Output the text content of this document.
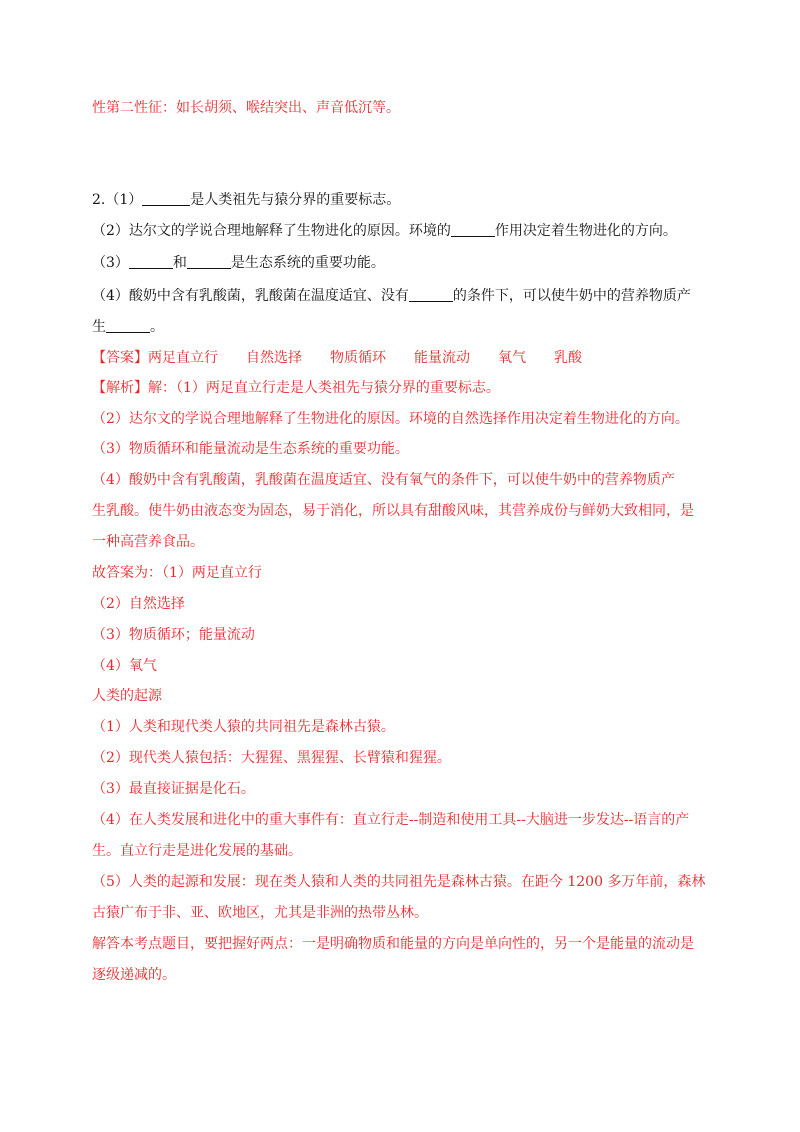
性第二性征：如长胡须、喉结突出、声音低沉等。
2.（1）	是人类祖先与猿分界的重要标志。
（2）达尔文的学说合理地解释了生物进化的原因。环境的	作用决定着生物进化的方向。
（3）	和	是生态系统的重要功能。
（4）酸奶中含有乳酸菌，乳酸菌在温度适宜、没有	的条件下，可以使牛奶中的营养物质产
生	。
【答案】两足直立行 自然选择 物质循环 能量流动 氧气 乳酸
【解析】解：（1）两足直立行走是人类祖先与猿分界的重要标志。
（2）达尔文的学说合理地解释了生物进化的原因。环境的自然选择作用决定着生物进化的方向。
（3）物质循环和能量流动是生态系统的重要功能。
（4）酸奶中含有乳酸菌，乳酸菌在温度适宜、没有氧气的条件下，可以使牛奶中的营养物质产
生乳酸。使牛奶由液态变为固态，易于消化，所以具有甜酸风味，其营养成份与鲜奶大致相同，是
一种高营养食品。
故答案为：（1）两足直立行
（2）自然选择
（3）物质循环；能量流动
（4）氧气
人类的起源
（1）人类和现代类人猿的共同祖先是森林古猿。
（2）现代类人猿包括：大猩猩、黑猩猩、长臂猿和猩猩。
（3）最直接证据是化石。
（4）在人类发展和进化中的重大事件有：直立行走--制造和使用工具--大脑进一步发达--语言的产
生。直立行走是进化发展的基础。
（5）人类的起源和发展：现在类人猿和人类的共同祖先是森林古猿。在距今 1200 多万年前，森林
古猿广布于非、亚、欧地区，尤其是非洲的热带丛林。
解答本考点题目，要把握好两点：一是明确物质和能量的方向是单向性的，另一个是能量的流动是
逐级递减的。
